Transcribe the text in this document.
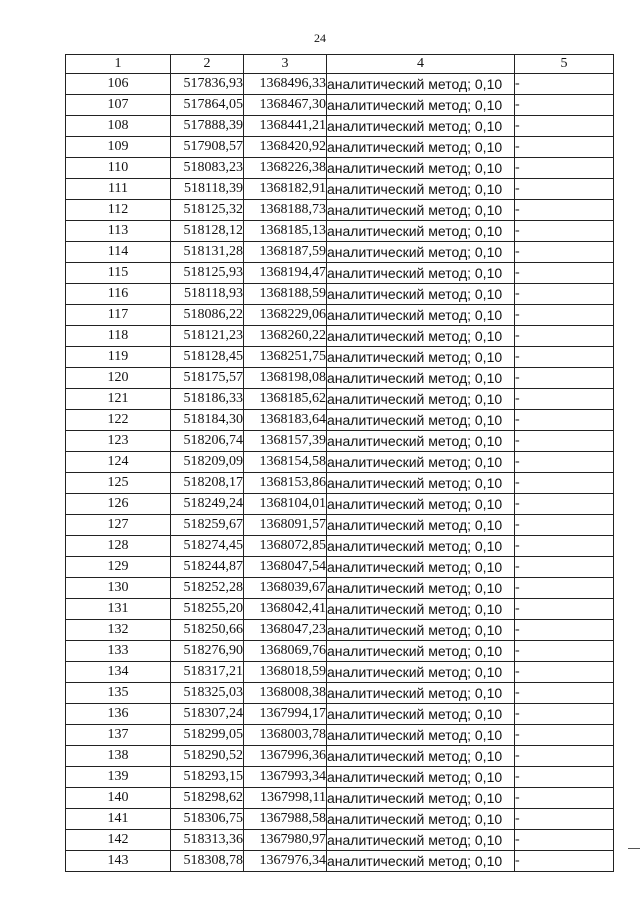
24
1	2	3	4	5
106	517836,93	1368496,33	аналитический метод; 0,10	-
107	517864,05	1368467,30	аналитический метод; 0,10	-
108	517888,39	1368441,21	аналитический метод; 0,10	-
109	517908,57	1368420,92	аналитический метод; 0,10	-
110	518083,23	1368226,38	аналитический метод; 0,10	-
111	518118,39	1368182,91	аналитический метод; 0,10	-
112	518125,32	1368188,73	аналитический метод; 0,10	-
113	518128,12	1368185,13	аналитический метод; 0,10	-
114	518131,28	1368187,59	аналитический метод; 0,10	-
115	518125,93	1368194,47	аналитический метод; 0,10	-
116	518118,93	1368188,59	аналитический метод; 0,10	-
117	518086,22	1368229,06	аналитический метод; 0,10	-
118	518121,23	1368260,22	аналитический метод; 0,10	-
119	518128,45	1368251,75	аналитический метод; 0,10	-
120	518175,57	1368198,08	аналитический метод; 0,10	-
121	518186,33	1368185,62	аналитический метод; 0,10	-
122	518184,30	1368183,64	аналитический метод; 0,10	-
123	518206,74	1368157,39	аналитический метод; 0,10	-
124	518209,09	1368154,58	аналитический метод; 0,10	-
125	518208,17	1368153,86	аналитический метод; 0,10	-
126	518249,24	1368104,01	аналитический метод; 0,10	-
127	518259,67	1368091,57	аналитический метод; 0,10	-
128	518274,45	1368072,85	аналитический метод; 0,10	-
129	518244,87	1368047,54	аналитический метод; 0,10	-
130	518252,28	1368039,67	аналитический метод; 0,10	-
131	518255,20	1368042,41	аналитический метод; 0,10	-
132	518250,66	1368047,23	аналитический метод; 0,10	-
133	518276,90	1368069,76	аналитический метод; 0,10	-
134	518317,21	1368018,59	аналитический метод; 0,10	-
135	518325,03	1368008,38	аналитический метод; 0,10	-
136	518307,24	1367994,17	аналитический метод; 0,10	-
137	518299,05	1368003,78	аналитический метод; 0,10	-
138	518290,52	1367996,36	аналитический метод; 0,10	-
139	518293,15	1367993,34	аналитический метод; 0,10	-
140	518298,62	1367998,11	аналитический метод; 0,10	-
141	518306,75	1367988,58	аналитический метод; 0,10	-
142	518313,36	1367980,97	аналитический метод; 0,10	-
143	518308,78	1367976,34	аналитический метод; 0,10	-
